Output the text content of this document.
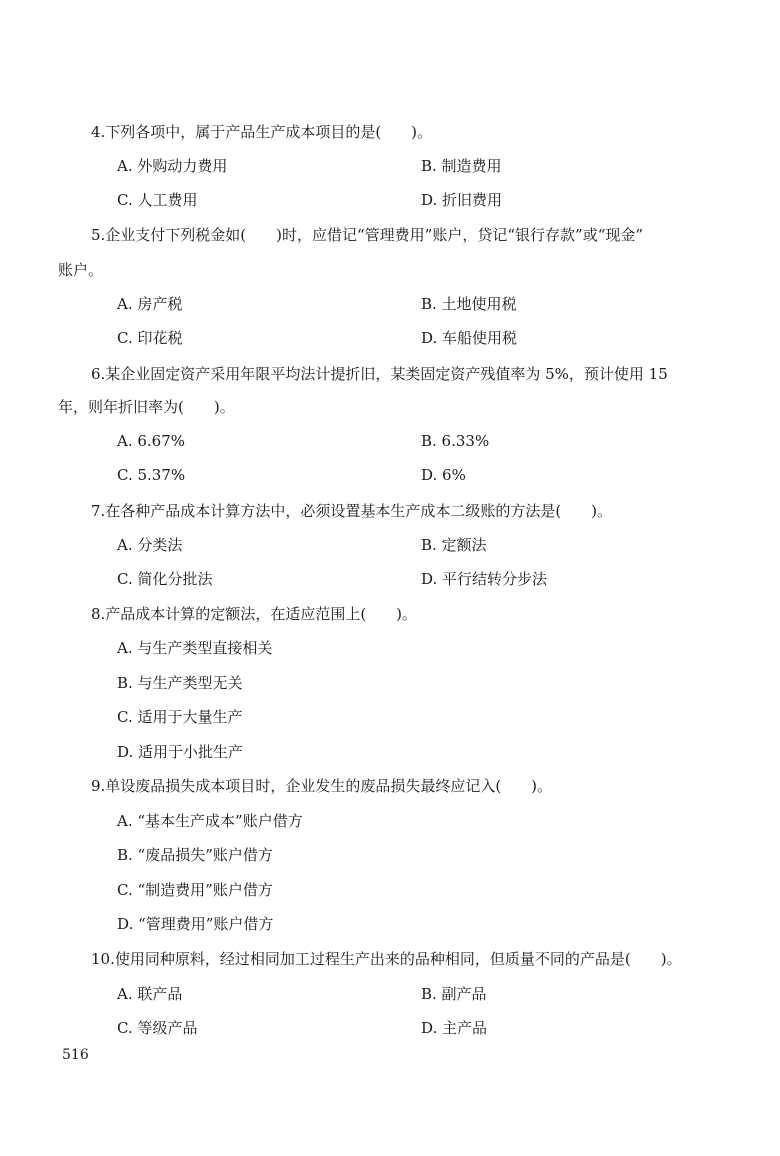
4.下列各项中，属于产品生产成本项目的是(　　)。
A. 外购动力费用	B. 制造费用
C. 人工费用	D. 折旧费用
5.企业支付下列税金如(　　)时，应借记“管理费用”账户，贷记“银行存款”或“现金”
账户。
A. 房产税	B. 土地使用税
C. 印花税	D. 车船使用税
6.某企业固定资产采用年限平均法计提折旧，某类固定资产残值率为 5%，预计使用 15
年，则年折旧率为(　　)。
A. 6.67%	B. 6.33%
C. 5.37%	D. 6%
7.在各种产品成本计算方法中，必须设置基本生产成本二级账的方法是(　　)。
A. 分类法	B. 定额法
C. 简化分批法	D. 平行结转分步法
8.产品成本计算的定额法，在适应范围上(　　)。
A. 与生产类型直接相关
B. 与生产类型无关
C. 适用于大量生产
D. 适用于小批生产
9.单设废品损失成本项目时，企业发生的废品损失最终应记入(　　)。
A. “基本生产成本”账户借方
B. “废品损失”账户借方
C. “制造费用”账户借方
D. “管理费用”账户借方
10.使用同种原料，经过相同加工过程生产出来的品种相同，但质量不同的产品是(　　)。
A. 联产品	B. 副产品
C. 等级产品	D. 主产品
516
